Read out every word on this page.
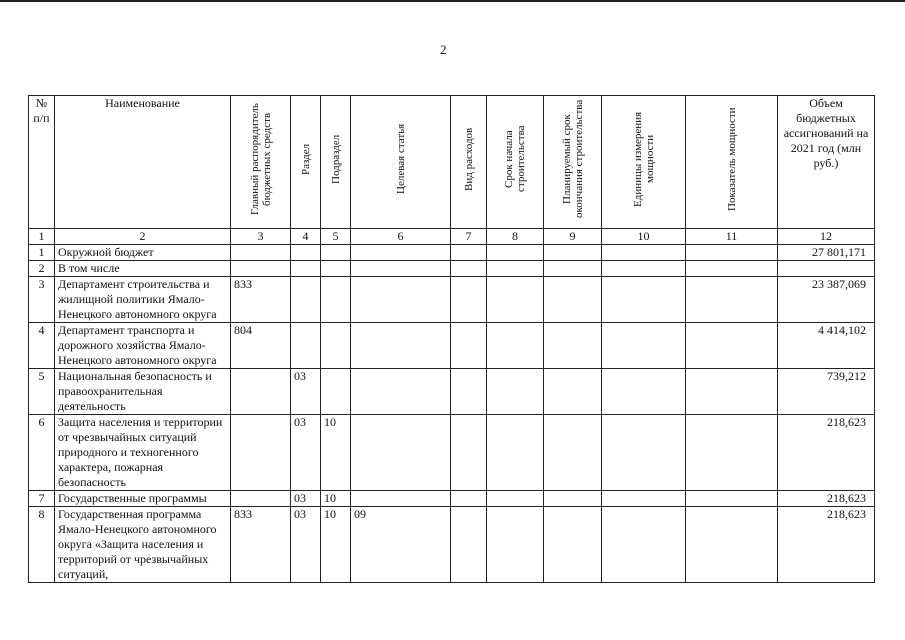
2
№ п/п	Наименование	Главный распорядитель бюджетных средств	Раздел	Подраздел	Целевая статья	Вид расходов	Срок начала строительства	Планируемый срок окончания строительства	Единицы измерения мощности	Показатель мощности	Объем бюджетных ассигнований на 2021 год (млн руб.)

1	2	3	4	5	6	7	8	9	10	11	12
1	Окружной бюджет										27 801,171
2	В том числе										
3	Департамент строительства и жилищной политики Ямало-Ненецкого автономного округа	833									23 387,069
4	Департамент транспорта и дорожного хозяйства Ямало-Ненецкого автономного округа	804									4 414,102
5	Национальная безопасность и правоохранительная деятельность		03								739,212
6	Защита населения и территории от чрезвычайных ситуаций природного и техногенного характера, пожарная безопасность		03	10							218,623
7	Государственные программы		03	10							218,623
8	Государственная программа Ямало-Ненецкого автономного округа «Защита населения и территорий от чрезвычайных ситуаций,	833	03	10	09						218,623
